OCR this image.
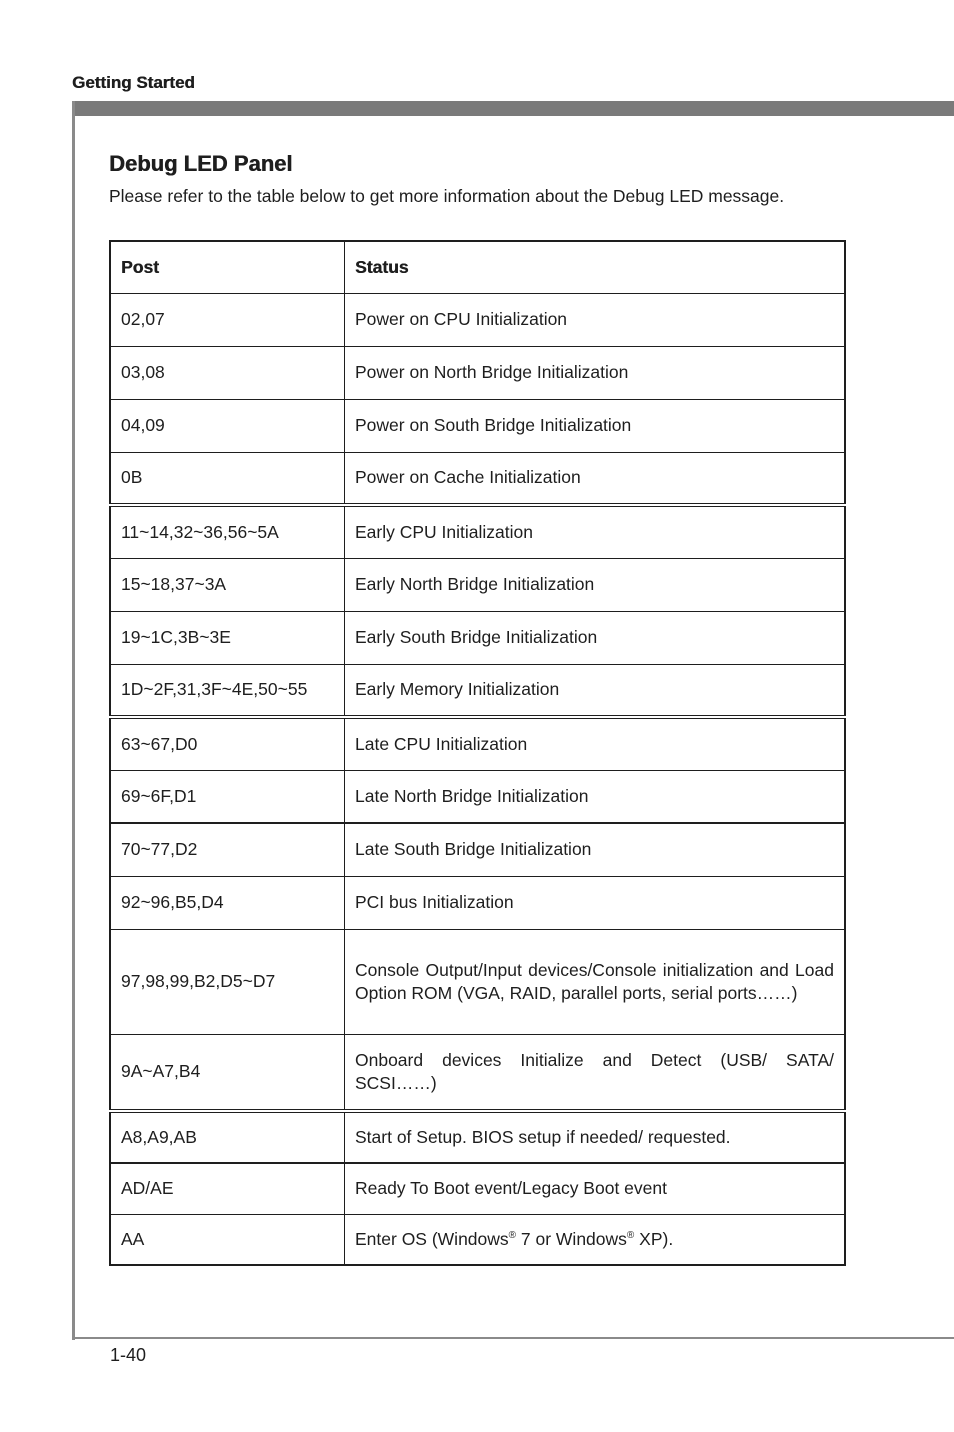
Getting Started
Debug LED Panel
Please refer to the table below to get more information about the Debug LED message.
Post	Status
02,07	Power on CPU Initialization
03,08	Power on North Bridge Initialization
04,09	Power on South Bridge Initialization
0B	Power on Cache Initialization
11~14,32~36,56~5A	Early CPU Initialization
15~18,37~3A	Early North Bridge Initialization
19~1C,3B~3E	Early South Bridge Initialization
1D~2F,31,3F~4E,50~55	Early Memory Initialization
63~67,D0	Late CPU Initialization
69~6F,D1	Late North Bridge Initialization
70~77,D2	Late South Bridge Initialization
92~96,B5,D4	PCI bus Initialization
97,98,99,B2,D5~D7	Console Output/Input devices/Console initialization and Load Option ROM (VGA, RAID, parallel ports, serial ports……)
9A~A7,B4	Onboard devices Initialize and Detect (USB/ SATA/ SCSI……)
A8,A9,AB	Start of Setup. BIOS setup if needed/ requested.
AD/AE	Ready To Boot event/Legacy Boot event
AA	Enter OS (Windows® 7 or Windows® XP).
1-40
